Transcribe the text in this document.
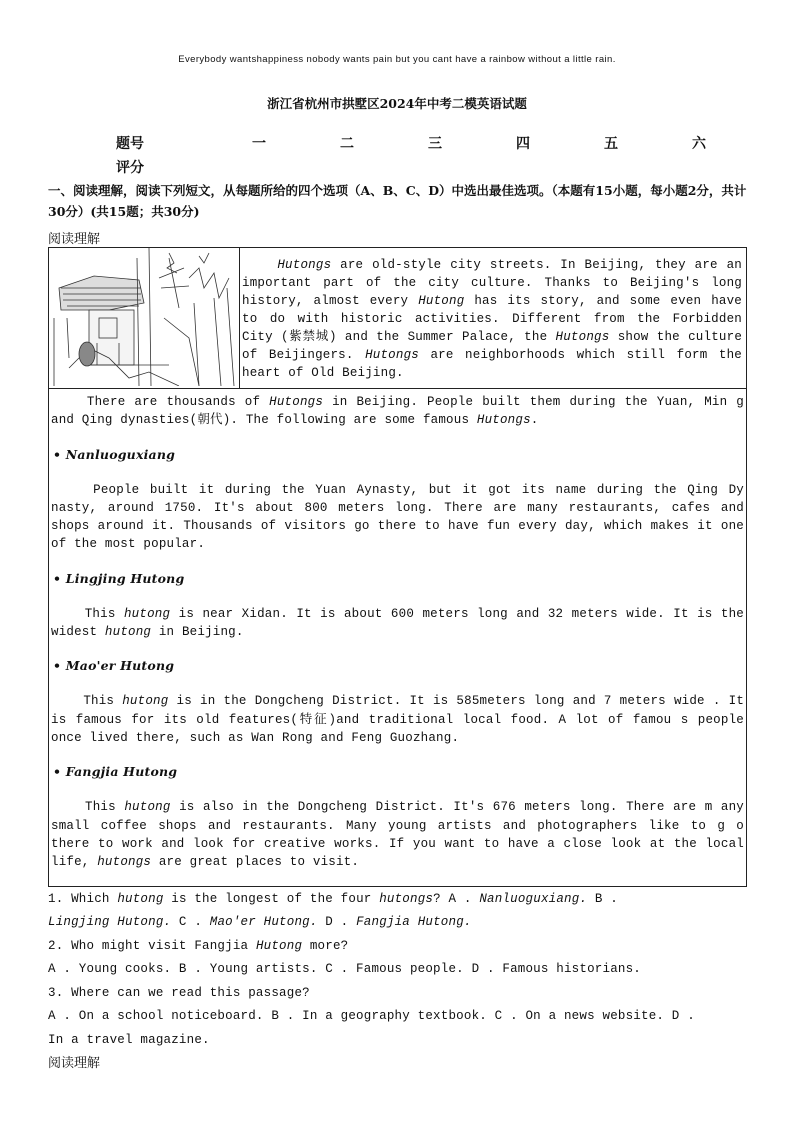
Everybody wantshappiness nobody wants pain but you cant have a rainbow without a little rain.
浙江省杭州市拱墅区2024年中考二模英语试题
题号	一	二	三	四	五	六
评分
一、阅读理解，阅读下列短文，从每题所给的四个选项（A、B、C、D）中选出最佳选项。（本题有15小题，每小题2分，共计30分）(共15题；共30分)
阅读理解

Hutongs are old-style city streets. In Beijing, they are an important part of the city culture. Thanks to Beijing's long history, almost every Hutong has its story, and some even have to do with historic activities. Different from the Forbidden City (紫禁城) and the Summer Palace, the Hutongs show the culture of Beijingers. Hutongs are neighborhoods which still form the heart of Old Beijing.

There are thousands of Hutongs in Beijing. People built them during the Yuan, Min g and Qing dynasties(朝代). The following are some famous Hutongs.

• Nanluoguxiang

People built it during the Yuan Aynasty, but it got its name during the Qing Dy nasty, around 1750. It's about 800 meters long. There are many restaurants, cafes and shops around it. Thousands of visitors go there to have fun every day, which makes it one of the most popular.

• Lingjing Hutong

This hutong is near Xidan. It is about 600 meters long and 32 meters wide. It is the widest hutong in Beijing.

• Mao'er Hutong

This hutong is in the Dongcheng District. It is 585meters long and 7 meters wide . It is famous for its old features(特征)and traditional local food. A lot of famou s people once lived there, such as Wan Rong and Feng Guozhang.

• Fangjia Hutong

This hutong is also in the Dongcheng District. It's 676 meters long. There are m any small coffee shops and restaurants. Many young artists and photographers like to g o there to work and look for creative works. If you want to have a close look at the local life, hutongs are great places to visit.

1. Which hutong is the longest of the four hutongs? A . Nanluoguxiang. B .
Lingjing Hutong. C . Mao'er Hutong. D . Fangjia Hutong.
2. Who might visit Fangjia Hutong more?
A . Young cooks. B . Young artists. C . Famous people. D . Famous historians.
3. Where can we read this passage?
A . On a school noticeboard. B . In a geography textbook. C . On a news website. D .
In a travel magazine.
阅读理解
